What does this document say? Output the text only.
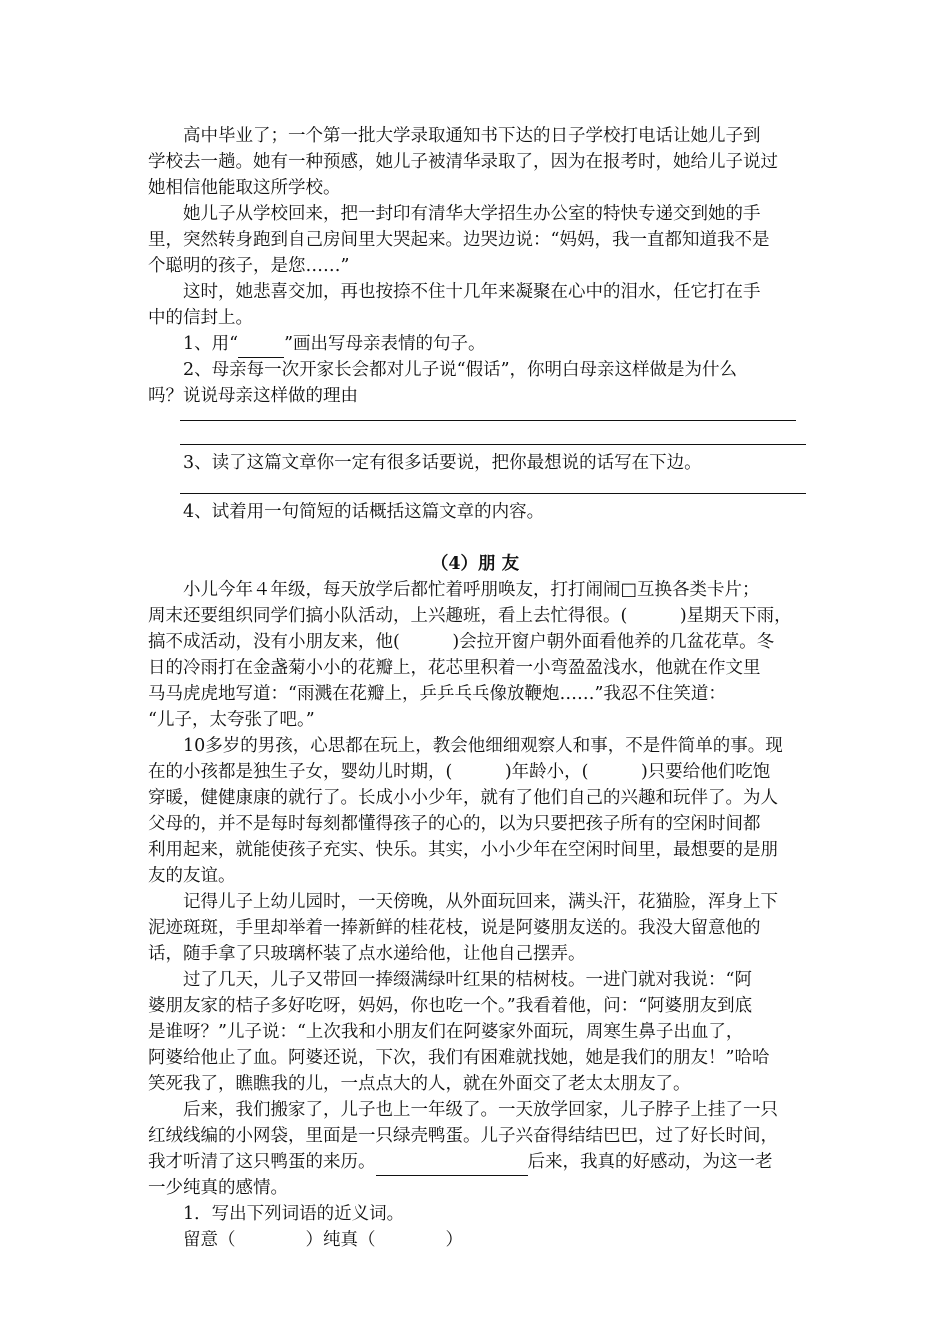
高中毕业了；一个第一批大学录取通知书下达的日子学校打电话让她儿子到

学校去一趟。她有一种预感，她儿子被清华录取了，因为在报考时，她给儿子说过

她相信他能取这所学校。

她儿子从学校回来，把一封印有清华大学招生办公室的特快专递交到她的手

里，突然转身跑到自己房间里大哭起来。边哭边说：“妈妈，我一直都知道我不是

个聪明的孩子，是您……”

这时，她悲喜交加，再也按捺不住十几年来凝聚在心中的泪水，任它打在手

中的信封上。

1、用“	”画出写母亲表情的句子。

2、母亲每一次开家长会都对儿子说“假话”，你明白母亲这样做是为什么

吗？说说母亲这样做的理由

3、读了这篇文章你一定有很多话要说，把你最想说的话写在下边。

4、试着用一句简短的话概括这篇文章的内容。

（4）朋 友

小儿今年４年级，每天放学后都忙着呼朋唤友，打打闹闹□互换各类卡片；

周末还要组织同学们搞小队活动，上兴趣班，看上去忙得很。(　　　)星期天下雨，

搞不成活动，没有小朋友来，他(　　　)会拉开窗户朝外面看他养的几盆花草。冬

日的冷雨打在金盏菊小小的花瓣上，花芯里积着一小弯盈盈浅水，他就在作文里

马马虎虎地写道：“雨溅在花瓣上，乒乒乓乓像放鞭炮……”我忍不住笑道：

“儿子，太夸张了吧。”

10多岁的男孩，心思都在玩上，教会他细细观察人和事，不是件简单的事。现

在的小孩都是独生子女，婴幼儿时期，(　　　)年龄小，(　　　)只要给他们吃饱

穿暖，健健康康的就行了。长成小小少年，就有了他们自己的兴趣和玩伴了。为人

父母的，并不是每时每刻都懂得孩子的心的，以为只要把孩子所有的空闲时间都

利用起来，就能使孩子充实、快乐。其实，小小少年在空闲时间里，最想要的是朋

友的友谊。

记得儿子上幼儿园时，一天傍晚，从外面玩回来，满头汗，花猫脸，浑身上下

泥迹斑斑，手里却举着一捧新鲜的桂花枝，说是阿婆朋友送的。我没大留意他的

话，随手拿了只玻璃杯装了点水递给他，让他自己摆弄。

过了几天，儿子又带回一捧缀满绿叶红果的桔树枝。一进门就对我说：“阿

婆朋友家的桔子多好吃呀，妈妈，你也吃一个。”我看着他，问：“阿婆朋友到底

是谁呀？”儿子说：“上次我和小朋友们在阿婆家外面玩，周寒生鼻子出血了，

阿婆给他止了血。阿婆还说，下次，我们有困难就找她，她是我们的朋友！”哈哈

笑死我了，瞧瞧我的儿，一点点大的人，就在外面交了老太太朋友了。

后来，我们搬家了，儿子也上一年级了。一天放学回家，儿子脖子上挂了一只

红绒线编的小网袋，里面是一只绿壳鸭蛋。儿子兴奋得结结巴巴，过了好长时间，

我才听清了这只鸭蛋的来历。	后来，我真的好感动，为这一老

一少纯真的感情。

1．写出下列词语的近义词。

留意（　　　　）纯真（　　　　）
